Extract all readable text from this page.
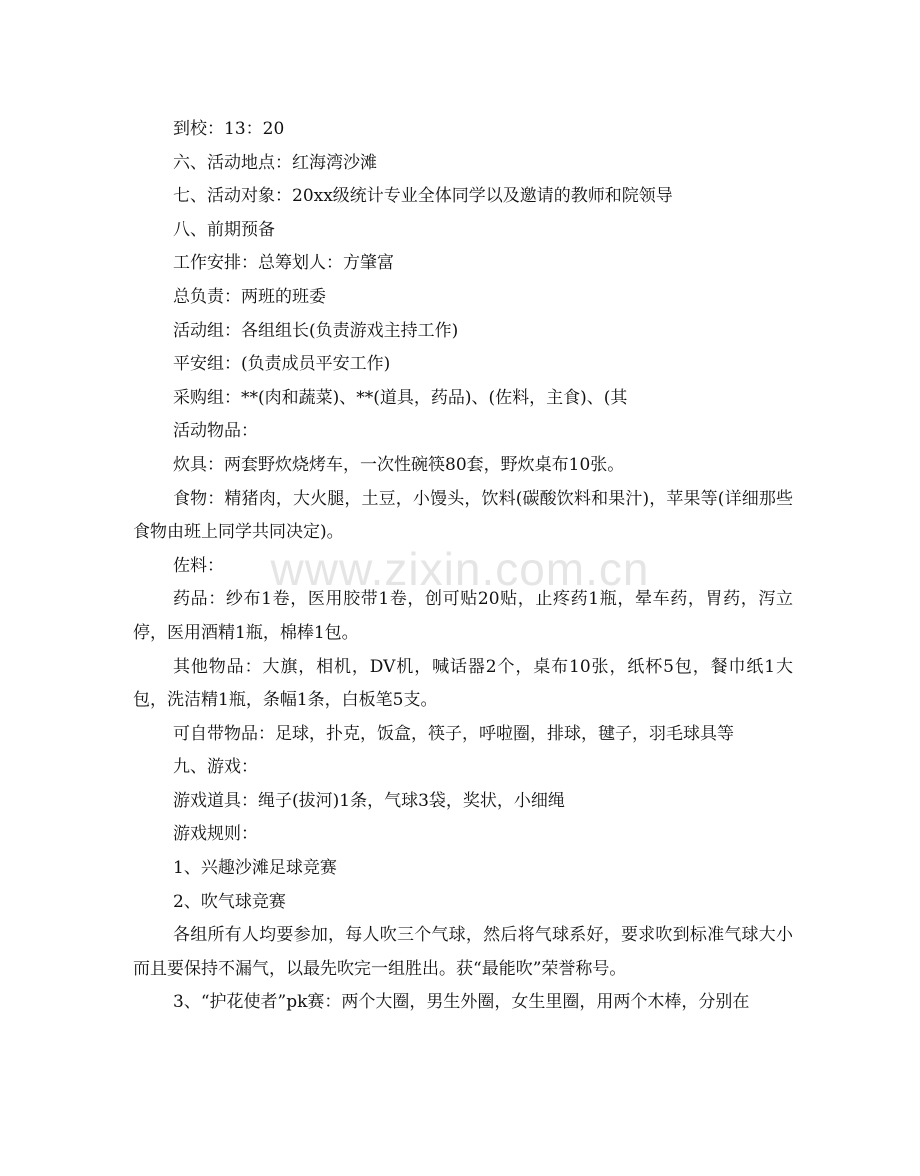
到校：13：20

六、活动地点：红海湾沙滩

七、活动对象：20xx级统计专业全体同学以及邀请的教师和院领导

八、前期预备

工作安排：总筹划人：方肇富

总负责：两班的班委

活动组：各组组长(负责游戏主持工作)

平安组：(负责成员平安工作)

采购组：**(肉和蔬菜)、**(道具，药品)、(佐料，主食)、(其

活动物品：

炊具：两套野炊烧烤车，一次性碗筷80套，野炊桌布10张。

食物：精猪肉，大火腿，土豆，小馒头，饮料(碳酸饮料和果汁)，苹果等(详细那些食物由班上同学共同决定)。

佐料：

药品：纱布1卷，医用胶带1卷，创可贴20贴，止疼药1瓶，晕车药，胃药，泻立停，医用酒精1瓶，棉棒1包。

其他物品：大旗，相机，DV机，喊话器2个，桌布10张，纸杯5包，餐巾纸1大包，洗洁精1瓶，条幅1条，白板笔5支。

可自带物品：足球，扑克，饭盒，筷子，呼啦圈，排球，毽子，羽毛球具等

九、游戏：

游戏道具：绳子(拔河)1条，气球3袋，奖状，小细绳

游戏规则：

1、兴趣沙滩足球竞赛

2、吹气球竞赛

各组所有人均要参加，每人吹三个气球，然后将气球系好，要求吹到标准气球大小而且要保持不漏气，以最先吹完一组胜出。获“最能吹”荣誉称号。

3、“护花使者”pk赛：两个大圈，男生外圈，女生里圈，用两个木棒，分别在

www.zixin.com.cn
